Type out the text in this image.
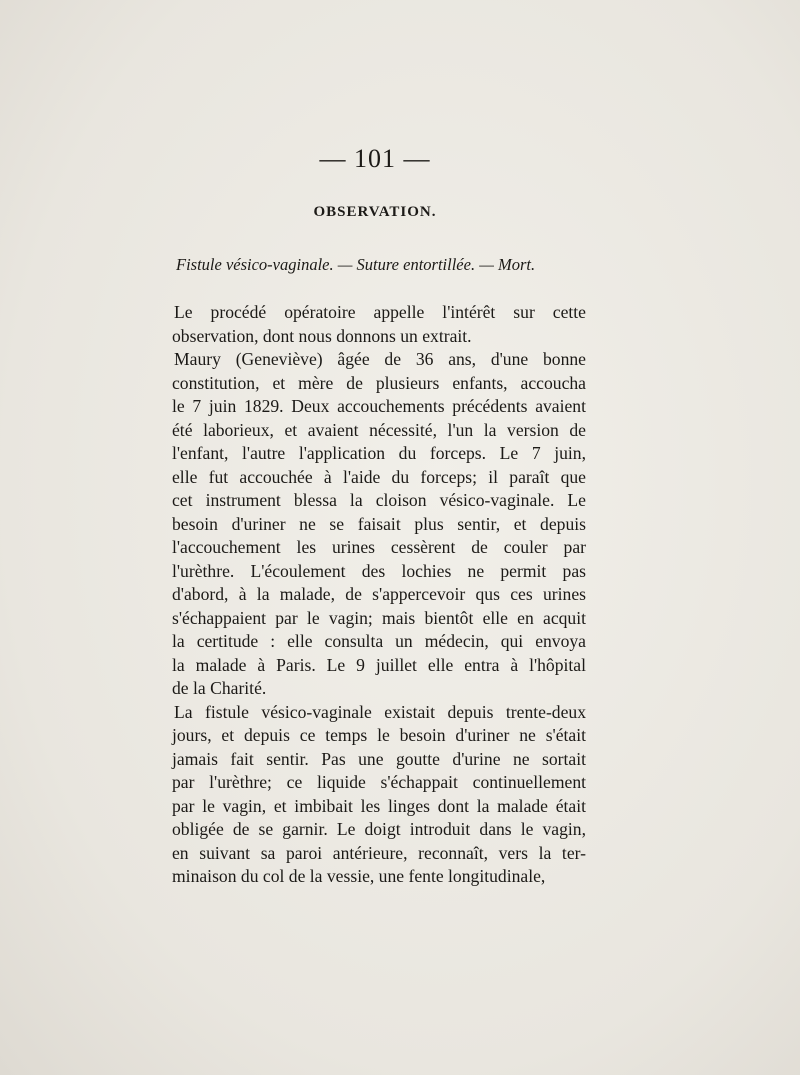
— 101 —
OBSERVATION.
Fistule vésico-vaginale. — Suture entortillée. — Mort.

Le procédé opératoire appelle l'intérêt sur cette
observation, dont nous donnons un extrait.

Maury (Geneviève) âgée de 36 ans, d'une bonne
constitution, et mère de plusieurs enfants, accoucha
le 7 juin 1829. Deux accouchements précédents avaient
été laborieux, et avaient nécessité, l'un la version de
l'enfant, l'autre l'application du forceps. Le 7 juin,
elle fut accouchée à l'aide du forceps; il paraît que
cet instrument blessa la cloison vésico-vaginale. Le
besoin d'uriner ne se faisait plus sentir, et depuis
l'accouchement les urines cessèrent de couler par
l'urèthre. L'écoulement des lochies ne permit pas
d'abord, à la malade, de s'appercevoir qus ces urines
s'échappaient par le vagin; mais bientôt elle en acquit
la certitude : elle consulta un médecin, qui envoya
la malade à Paris. Le 9 juillet elle entra à l'hôpital
de la Charité.

La fistule vésico-vaginale existait depuis trente-deux
jours, et depuis ce temps le besoin d'uriner ne s'était
jamais fait sentir. Pas une goutte d'urine ne sortait
par l'urèthre; ce liquide s'échappait continuellement
par le vagin, et imbibait les linges dont la malade était
obligée de se garnir. Le doigt introduit dans le vagin,
en suivant sa paroi antérieure, reconnaît, vers la ter-
minaison du col de la vessie, une fente longitudinale,
